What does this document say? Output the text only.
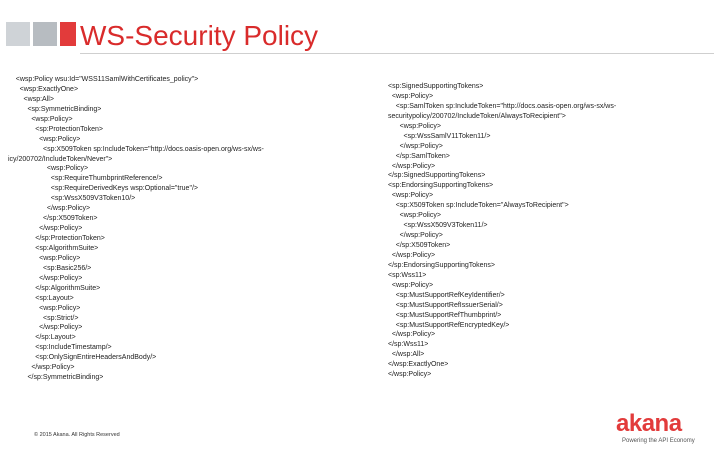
WS-Security Policy
<wsp:Policy wsu:Id="WSS11SamlWithCertificates_policy">
<wsp:ExactlyOne>
<wsp:All>
<sp:SymmetricBinding>
<wsp:Policy>
<sp:ProtectionToken>
<wsp:Policy>
<sp:X509Token sp:IncludeToken="http://docs.oasis-open.org/ws-sx/ws-
icy/200702/IncludeToken/Never">
<wsp:Policy>
<sp:RequireThumbprintReference/>
<sp:RequireDerivedKeys wsp:Optional="true"/>
<sp:WssX509V3Token10/>
</wsp:Policy>
</sp:X509Token>
</wsp:Policy>
</sp:ProtectionToken>
<sp:AlgorithmSuite>
<wsp:Policy>
<sp:Basic256/>
</wsp:Policy>
</sp:AlgorithmSuite>
<sp:Layout>
<wsp:Policy>
<sp:Strict/>
</wsp:Policy>
</sp:Layout>
<sp:IncludeTimestamp/>
<sp:OnlySignEntireHeadersAndBody/>
</wsp:Policy>
</sp:SymmetricBinding>
<sp:SignedSupportingTokens>
<wsp:Policy>
<sp:SamlToken sp:IncludeToken="http://docs.oasis-open.org/ws-sx/ws-
securitypolicy/200702/IncludeToken/AlwaysToRecipient">
<wsp:Policy>
<sp:WssSamlV11Token11/>
</wsp:Policy>
</sp:SamlToken>
</wsp:Policy>
</sp:SignedSupportingTokens>
<sp:EndorsingSupportingTokens>
<wsp:Policy>
<sp:X509Token sp:IncludeToken="AlwaysToRecipient">
<wsp:Policy>
<sp:WssX509V3Token11/>
</wsp:Policy>
</sp:X509Token>
</wsp:Policy>
</sp:EndorsingSupportingTokens>
<sp:Wss11>
<wsp:Policy>
<sp:MustSupportRefKeyIdentifier/>
<sp:MustSupportRefIssuerSerial/>
<sp:MustSupportRefThumbprint/>
<sp:MustSupportRefEncryptedKey/>
</wsp:Policy>
</sp:Wss11>
</wsp:All>
</wsp:ExactlyOne>
</wsp:Policy>
© 2015 Akana. All Rights Reserved	akana
Powering the API Economy
